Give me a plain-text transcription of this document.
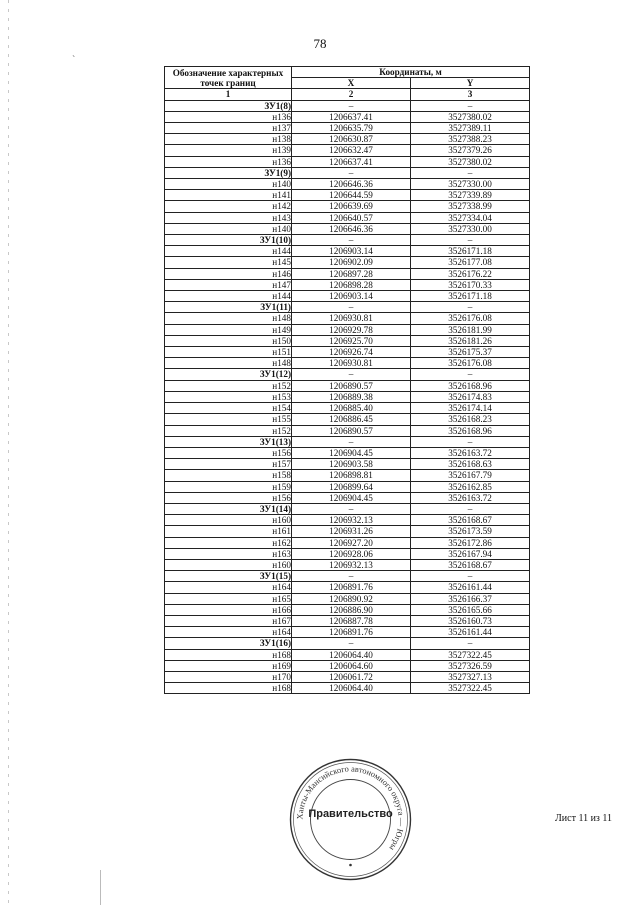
`
78
Обозначение характерных точек границ	Координаты, м	
	X	Y
1	2	3
ЗУ1(8)	–	–
н136	1206637.41	3527380.02
н137	1206635.79	3527389.11
н138	1206630.87	3527388.23
н139	1206632.47	3527379.26
н136	1206637.41	3527380.02
ЗУ1(9)	–	–
н140	1206646.36	3527330.00
н141	1206644.59	3527339.89
н142	1206639.69	3527338.99
н143	1206640.57	3527334.04
н140	1206646.36	3527330.00
ЗУ1(10)	–	–
н144	1206903.14	3526171.18
н145	1206902.09	3526177.08
н146	1206897.28	3526176.22
н147	1206898.28	3526170.33
н144	1206903.14	3526171.18
ЗУ1(11)	–	–
н148	1206930.81	3526176.08
н149	1206929.78	3526181.99
н150	1206925.70	3526181.26
н151	1206926.74	3526175.37
н148	1206930.81	3526176.08
ЗУ1(12)	–	–
н152	1206890.57	3526168.96
н153	1206889.38	3526174.83
н154	1206885.40	3526174.14
н155	1206886.45	3526168.23
н152	1206890.57	3526168.96
ЗУ1(13)	–	–
н156	1206904.45	3526163.72
н157	1206903.58	3526168.63
н158	1206898.81	3526167.79
н159	1206899.64	3526162.85
н156	1206904.45	3526163.72
ЗУ1(14)	–	–
н160	1206932.13	3526168.67
н161	1206931.26	3526173.59
н162	1206927.20	3526172.86
н163	1206928.06	3526167.94
н160	1206932.13	3526168.67
ЗУ1(15)	–	–
н164	1206891.76	3526161.44
н165	1206890.92	3526166.37
н166	1206886.90	3526165.66
н167	1206887.78	3526160.73
н164	1206891.76	3526161.44
ЗУ1(16)	–	–
н168	1206064.40	3527322.45
н169	1206064.60	3527326.59
н170	1206061.72	3527327.13
н168	1206064.40	3527322.45
Ханты-Мансийского автономного округа — Югры
Правительство	Лист 11 из 11
